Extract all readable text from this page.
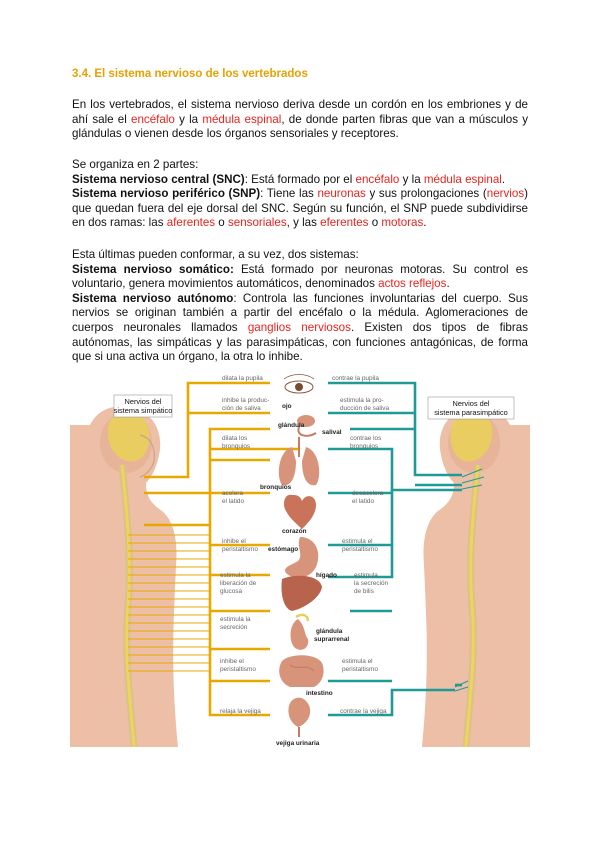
3.4. El sistema nervioso de los vertebrados
En los vertebrados, el sistema nervioso deriva desde un cordón en los embriones y de ahí sale el encéfalo y la médula espinal, de donde parten fibras que van a músculos y glándulas o vienen desde los órganos sensoriales y receptores.
Se organiza en 2 partes:
Sistema nervioso central (SNC): Está formado por el encéfalo y la médula espinal.
Sistema nervioso periférico (SNP): Tiene las neuronas y sus prolongaciones (nervios) que quedan fuera del eje dorsal del SNC. Según su función, el SNP puede subdividirse en dos ramas: las aferentes o sensoriales, y las eferentes o motoras.
Esta últimas pueden conformar, a su vez, dos sistemas:
Sistema nervioso somático: Está formado por neuronas motoras. Su control es voluntario, genera movimientos automáticos, denominados actos reflejos.
Sistema nervioso autónomo: Controla las funciones involuntarias del cuerpo. Sus nervios se originan también a partir del encéfalo o la médula. Aglomeraciones de cuerpos neuronales llamados ganglios nerviosos. Existen dos tipos de fibras autónomas, las simpáticas y las parasimpáticas, con funciones antagónicas, de forma que si una activa un órgano, la otra lo inhibe.
Nervios del
sistema simpático
Nervios del
sistema parasimpático
ojo
glándula
salival
bronquios
corazón
estómago
hígado
glándula
suprarrenal
intestino
vejiga urinaria
dilata la pupila
inhibe la produc-
ción de saliva
dilata los
bronquios
acelera
el latido
inhibe el
peristaltismo
estimula la
liberación de
glucosa
estimula la
secreción
inhibe el
peristaltismo
relaja la vejiga
contrae la pupila
estimula la pro-
ducción de saliva
contrae los
bronquios
desacelera
el latido
estimula el
peristaltismo
estimula
la secreción
de bilis
estimula el
peristaltismo
contrae la vejiga
